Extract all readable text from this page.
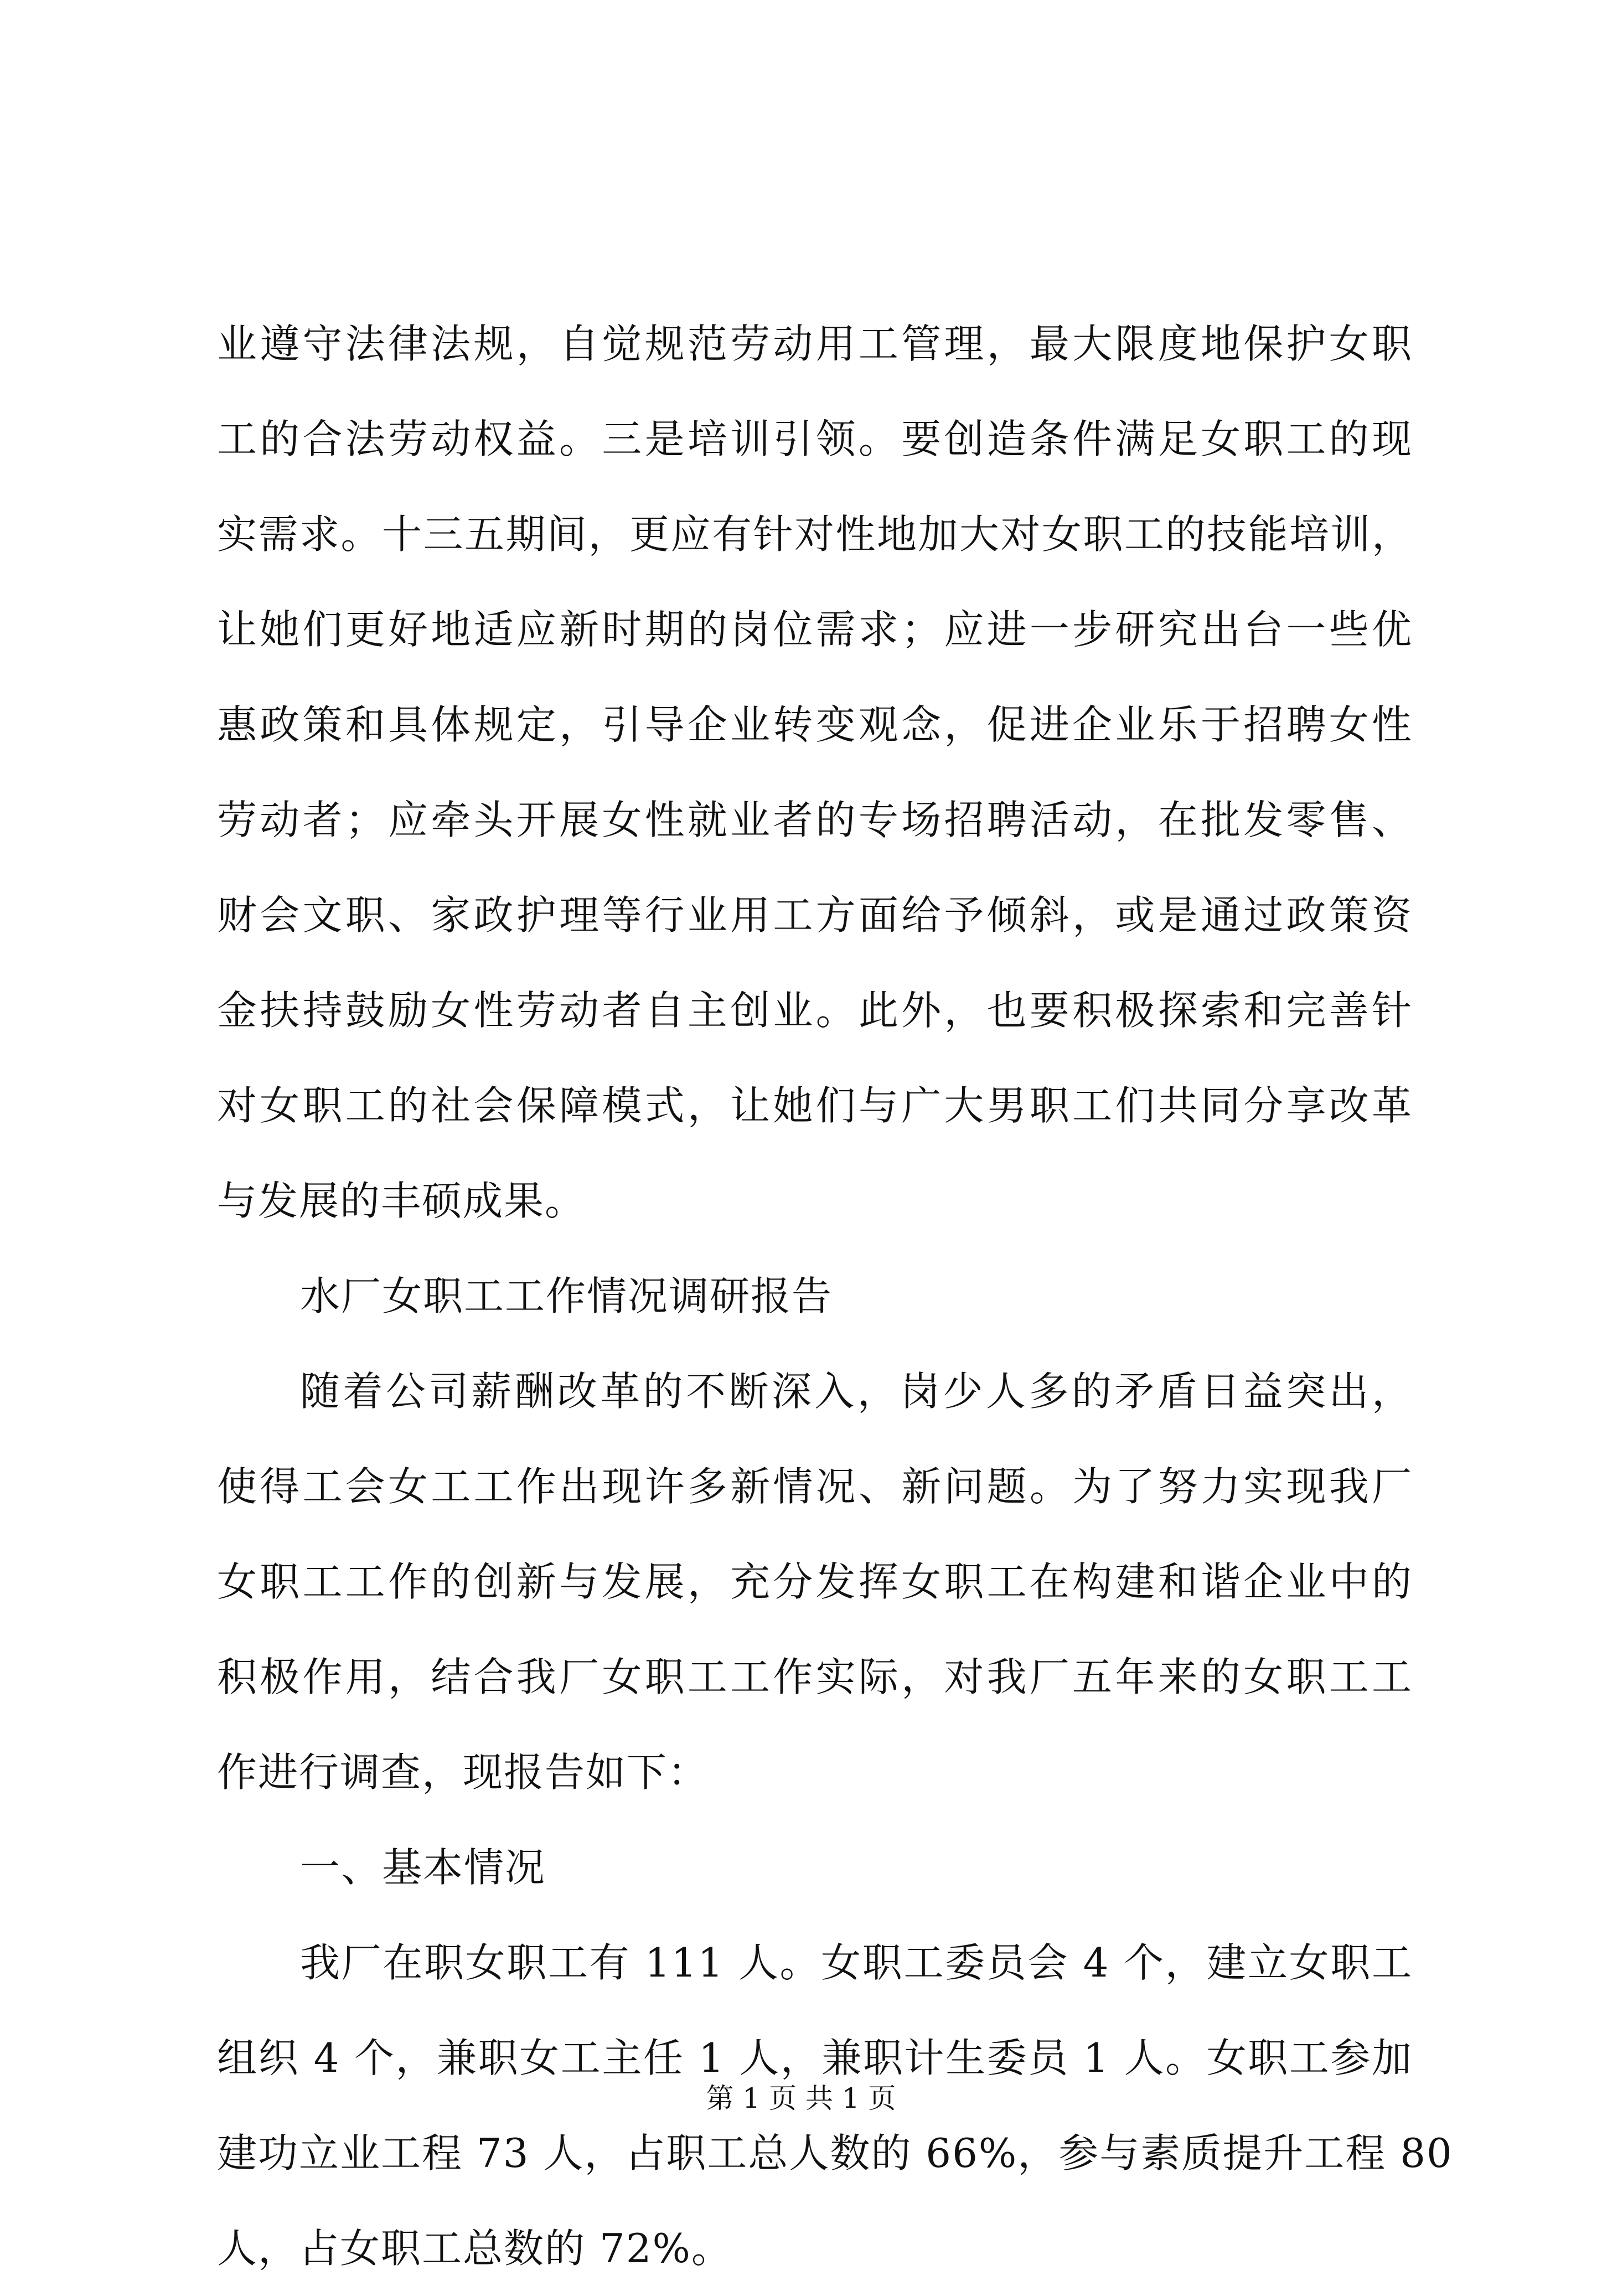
业遵守法律法规，自觉规范劳动用工管理，最大限度地保护女职
工的合法劳动权益。三是培训引领。要创造条件满足女职工的现
实需求。十三五期间，更应有针对性地加大对女职工的技能培训，
让她们更好地适应新时期的岗位需求；应进一步研究出台一些优
惠政策和具体规定，引导企业转变观念，促进企业乐于招聘女性
劳动者；应牵头开展女性就业者的专场招聘活动，在批发零售、
财会文职、家政护理等行业用工方面给予倾斜，或是通过政策资
金扶持鼓励女性劳动者自主创业。此外，也要积极探索和完善针
对女职工的社会保障模式，让她们与广大男职工们共同分享改革
与发展的丰硕成果。
水厂女职工工作情况调研报告
随着公司薪酬改革的不断深入，岗少人多的矛盾日益突出，
使得工会女工工作出现许多新情况、新问题。为了努力实现我厂
女职工工作的创新与发展，充分发挥女职工在构建和谐企业中的
积极作用，结合我厂女职工工作实际，对我厂五年来的女职工工
作进行调查，现报告如下：
一、基本情况
我厂在职女职工有 111 人。女职工委员会 4 个，建立女职工
组织 4 个，兼职女工主任 1 人，兼职计生委员 1 人。女职工参加
建功立业工程 73 人，占职工总人数的 66%，参与素质提升工程 80
人，占女职工总数的 72%。
第 1 页 共 1 页
